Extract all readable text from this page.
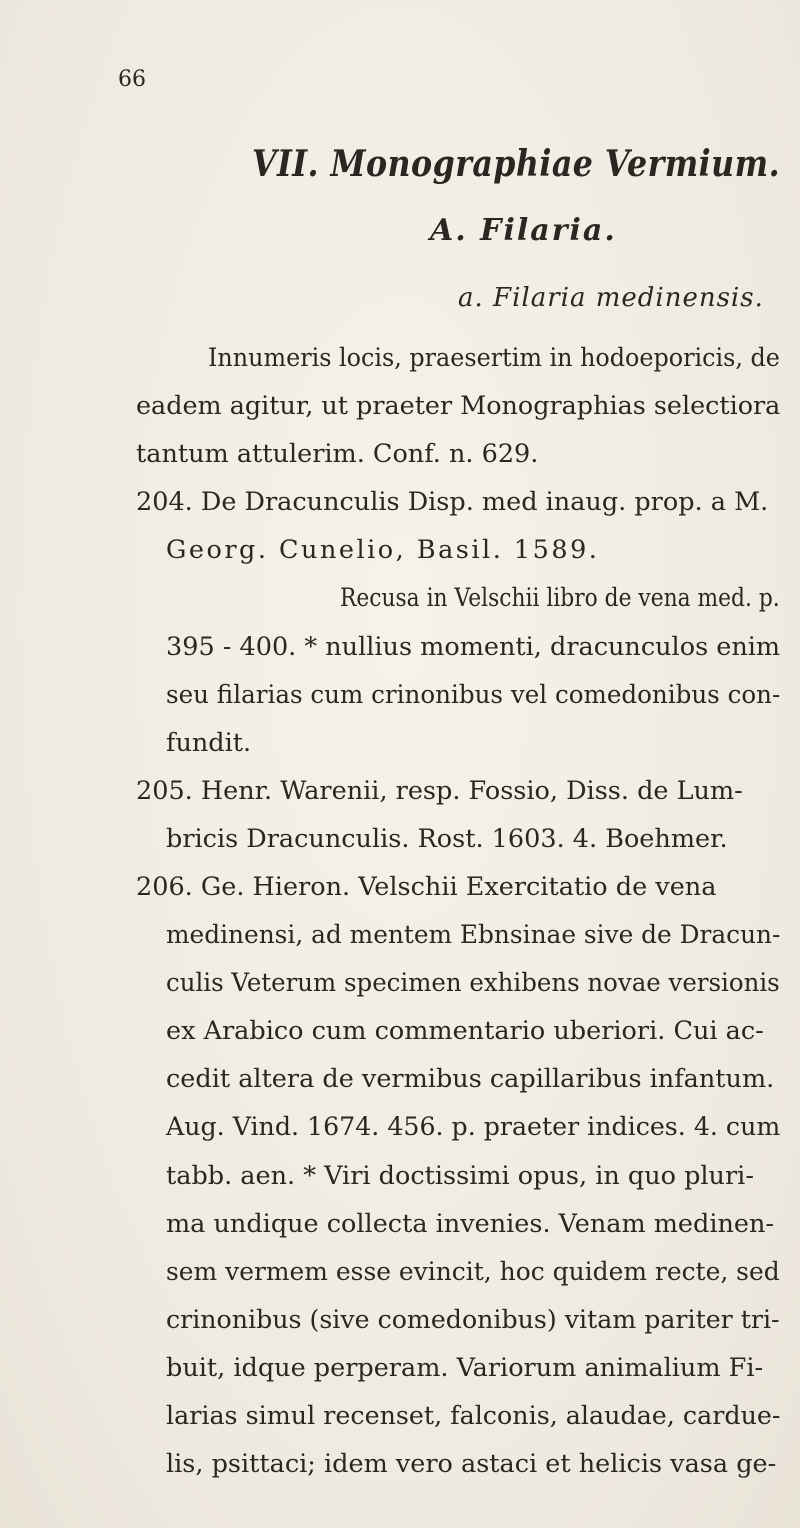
66
VII. Monographiae Vermium.
A. Filaria.
a. Filaria medinensis.
Innumeris locis, praesertim in hodoeporicis, de
eadem agitur, ut praeter Monographias selectiora
tantum attulerim. Conf. n. 629.
204. De Dracunculis Disp. med inaug. prop. a M.
Georg. Cunelio, Basil. 1589.
Recusa in Velschii libro de vena med. p.
395 - 400. * nullius momenti, dracunculos enim
seu filarias cum crinonibus vel comedonibus con-
fundit.
205. Henr. Warenii, resp. Fossio, Diss. de Lum-
bricis Dracunculis. Rost. 1603. 4. Boehmer.
206. Ge. Hieron. Velschii Exercitatio de vena
medinensi, ad mentem Ebnsinae sive de Dracun-
culis Veterum specimen exhibens novae versionis
ex Arabico cum commentario uberiori. Cui ac-
cedit altera de vermibus capillaribus infantum.
Aug. Vind. 1674. 456. p. praeter indices. 4. cum
tabb. aen. * Viri doctissimi opus, in quo pluri-
ma undique collecta invenies. Venam medinen-
sem vermem esse evincit, hoc quidem recte, sed
crinonibus (sive comedonibus) vitam pariter tri-
buit, idque perperam. Variorum animalium Fi-
larias simul recenset, falconis, alaudae, cardue-
lis, psittaci; idem vero astaci et helicis vasa ge-
